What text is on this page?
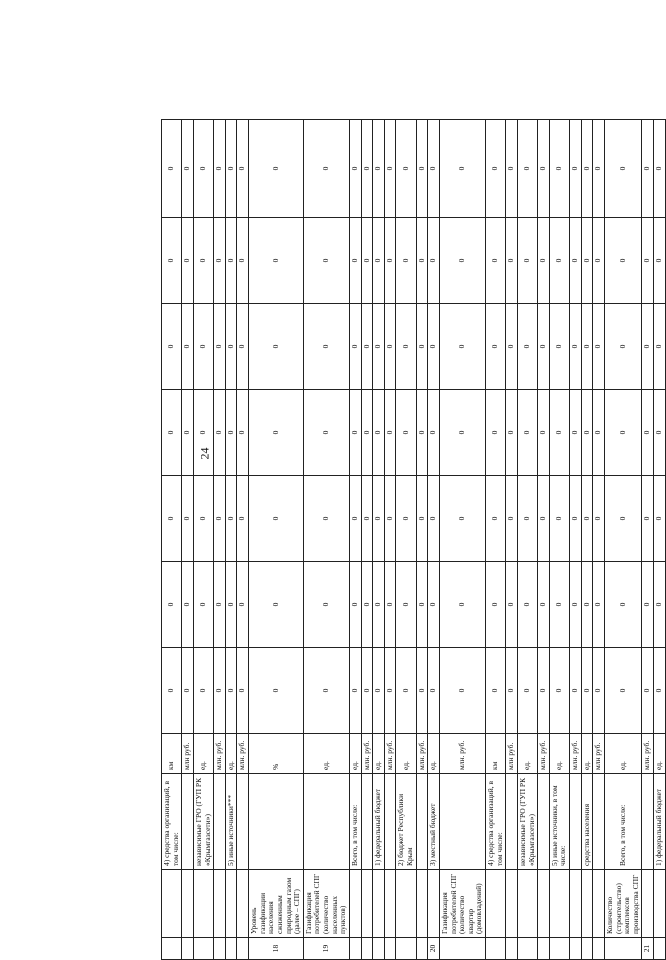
24
		4) средства организаций, в том числе:	км	0	0	0	0	0	0	0
			млн руб.	0	0	0	0	0	0	0
		независимые ГРО (ГУП РК «Крымгазсети»)	ед.	0	0	0	0	0	0	0
			млн. руб.	0	0	0	0	0	0	0
		5) иные источники***	ед.	0	0	0	0	0	0	0
			млн. руб.	0	0	0	0	0	0	0
18	Уровень газификации населения сжиженным природным газом (далее – СПГ)		%	0	0	0	0	0	0	0
19	Газификация потребителей СПГ (количество населенных пунктов)		ед.	0	0	0	0	0	0	0
		Всего, в том числе:	ед.	0	0	0	0	0	0	0
			млн. руб.	0	0	0	0	0	0	0
		1) федеральный бюджет	ед.	0	0	0	0	0	0	0
			млн. руб.	0	0	0	0	0	0	0
		2) бюджет Республики Крым	ед.	0	0	0	0	0	0	0
			млн. руб.	0	0	0	0	0	0	0
20		3) местный бюджет	ед.	0	0	0	0	0	0	0
	Газификация потребителей СПГ (количество квартир (домовладений)		млн. руб.	0	0	0	0	0	0	0
		4) средства организаций, в том числе:	км	0	0	0	0	0	0	0
			млн руб.	0	0	0	0	0	0	0
		независимые ГРО (ГУП РК «Крымгазсети»)	ед.	0	0	0	0	0	0	0
			млн. руб.	0	0	0	0	0	0	0
		5) иные источники, в том числе:	ед.	0	0	0	0	0	0	0
			млн. руб.	0	0	0	0	0	0	0
		средства населения	ед.	0	0	0	0	0	0	0
			млн руб.	0	0	0	0	0	0	0
	Количество (строительство) комплексов производства СПГ	Всего, в том числе:	ед.	0	0	0	0	0	0	0
21			млн. руб.	0	0	0	0	0	0	0
		1) федеральный бюджет	ед.	0	0	0	0	0	0	0
